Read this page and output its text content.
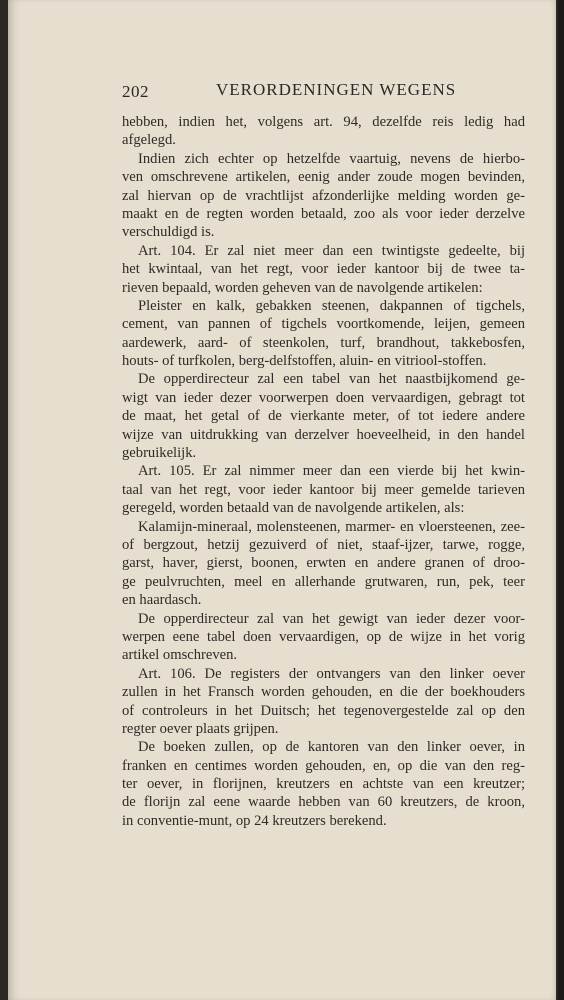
202	VERORDENINGEN WEGENS
hebben, indien het, volgens art. 94, dezelfde reis ledig had
afgelegd.
Indien zich echter op hetzelfde vaartuig, nevens de hierbo-
ven omschrevene artikelen, eenig ander zoude mogen bevinden,
zal hiervan op de vrachtlijst afzonderlijke melding worden ge-
maakt en de regten worden betaald, zoo als voor ieder derzelve
verschuldigd is.
Art. 104. Er zal niet meer dan een twintigste gedeelte, bij
het kwintaal, van het regt, voor ieder kantoor bij de twee ta-
rieven bepaald, worden geheven van de navolgende artikelen:
Pleister en kalk, gebakken steenen, dakpannen of tigchels,
cement, van pannen of tigchels voortkomende, leijen, gemeen
aardewerk, aard- of steenkolen, turf, brandhout, takkebosfen,
houts- of turfkolen, berg-delfstoffen, aluin- en vitriool-stoffen.
De opperdirecteur zal een tabel van het naastbijkomend ge-
wigt van ieder dezer voorwerpen doen vervaardigen, gebragt tot
de maat, het getal of de vierkante meter, of tot iedere andere
wijze van uitdrukking van derzelver hoeveelheid, in den handel
gebruikelijk.
Art. 105. Er zal nimmer meer dan een vierde bij het kwin-
taal van het regt, voor ieder kantoor bij meer gemelde tarieven
geregeld, worden betaald van de navolgende artikelen, als:
Kalamijn-mineraal, molensteenen, marmer- en vloersteenen, zee-
of bergzout, hetzij gezuiverd of niet, staaf-ijzer, tarwe, rogge,
garst, haver, gierst, boonen, erwten en andere granen of droo-
ge peulvruchten, meel en allerhande grutwaren, run, pek, teer
en haardasch.
De opperdirecteur zal van het gewigt van ieder dezer voor-
werpen eene tabel doen vervaardigen, op de wijze in het vorig
artikel omschreven.
Art. 106. De registers der ontvangers van den linker oever
zullen in het Fransch worden gehouden, en die der boekhouders
of controleurs in het Duitsch; het tegenovergestelde zal op den
regter oever plaats grijpen.
De boeken zullen, op de kantoren van den linker oever, in
franken en centimes worden gehouden, en, op die van den reg-
ter oever, in florijnen, kreutzers en achtste van een kreutzer;
de florijn zal eene waarde hebben van 60 kreutzers, de kroon,
in conventie-munt, op 24 kreutzers berekend.
